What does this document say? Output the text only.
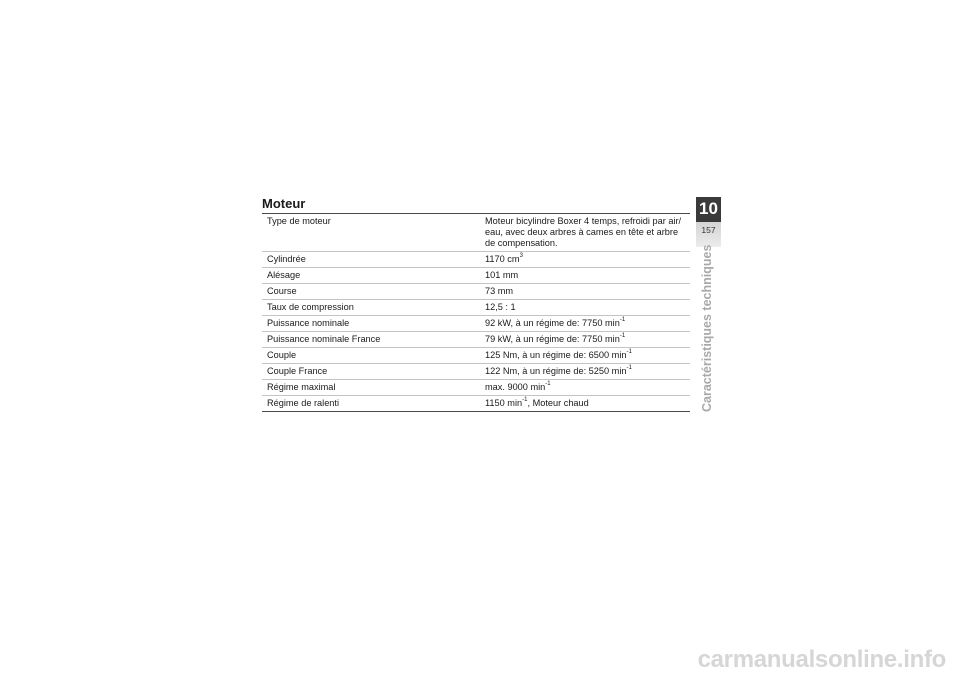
Moteur
Type de moteur	Moteur bicylindre Boxer 4 temps, refroidi par air/ eau, avec deux arbres à cames en tête et arbre de compensation.
Cylindrée	1170 $cm^3$
Alésage	101 mm
Course	73 mm
Taux de compression	12,5 : 1
Puissance nominale	92 kW, à un régime de: 7750 $\min^{-1}$
Puissance nominale France	79 kW, à un régime de: 7750 $\min^{-1}$
Couple	125 Nm, à un régime de: 6500 $\min^{-1}$
Couple France	122 Nm, à un régime de: 5250 $\min^{-1}$
Régime maximal	max. 9000 $\min^{-1}$
Régime de ralenti	1150 $\min^{-1}$, Moteur chaud
10
157
Caractéristiques techniques
carmanualsonline.info
